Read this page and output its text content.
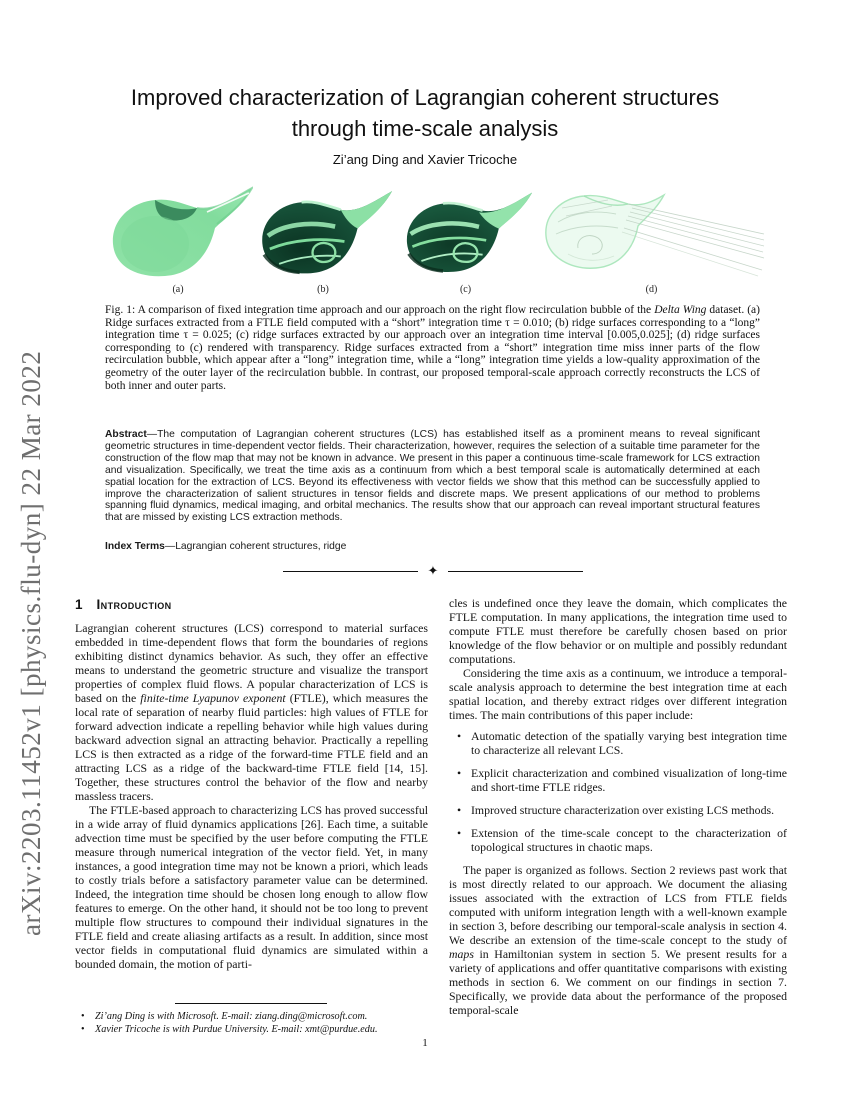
arXiv:2203.11452v1 [physics.flu-dyn] 22 Mar 2022
Improved characterization of Lagrangian coherent structures
through time-scale analysis
Zi’ang Ding and Xavier Tricoche
(a)	(b)	(c)	(d)
Fig. 1: A comparison of fixed integration time approach and our approach on the right flow recirculation bubble of the Delta Wing dataset. (a) Ridge surfaces extracted from a FTLE field computed with a “short” integration time τ = 0.010; (b) ridge surfaces corresponding to a “long” integration time τ = 0.025; (c) ridge surfaces extracted by our approach over an integration time interval [0.005,0.025]; (d) ridge surfaces corresponding to (c) rendered with transparency. Ridge surfaces extracted from a “short” integration time miss inner parts of the flow recirculation bubble, which appear after a “long” integration time, while a “long” integration time yields a low-quality approximation of the geometry of the outer layer of the recirculation bubble. In contrast, our proposed temporal-scale approach correctly reconstructs the LCS of both inner and outer parts.
Abstract—The computation of Lagrangian coherent structures (LCS) has established itself as a prominent means to reveal significant geometric structures in time-dependent vector fields. Their characterization, however, requires the selection of a suitable time parameter for the construction of the flow map that may not be known in advance. We present in this paper a continuous time-scale framework for LCS extraction and visualization. Specifically, we treat the time axis as a continuum from which a best temporal scale is automatically determined at each spatial location for the extraction of LCS. Beyond its effectiveness with vector fields we show that this method can be successfully applied to improve the characterization of salient structures in tensor fields and discrete maps. We present applications of our method to problems spanning fluid dynamics, medical imaging, and orbital mechanics. The results show that our approach can reveal important structural features that are missed by existing LCS extraction methods.
Index Terms—Lagrangian coherent structures, ridge
✦
1 Introduction

Lagrangian coherent structures (LCS) correspond to material surfaces embedded in time-dependent flows that form the boundaries of regions exhibiting distinct dynamics behavior. As such, they offer an effective means to understand the geometric structure and visualize the transport properties of complex fluid flows. A popular characterization of LCS is based on the finite-time Lyapunov exponent (FTLE), which measures the local rate of separation of nearby fluid particles: high values of FTLE for forward advection indicate a repelling behavior while high values during backward advection signal an attracting behavior. Practically a repelling LCS is then extracted as a ridge of the forward-time FTLE field and an attracting LCS as a ridge of the backward-time FTLE field [14, 15]. Together, these structures control the behavior of the flow and nearby massless tracers.

The FTLE-based approach to characterizing LCS has proved successful in a wide array of fluid dynamics applications [26]. Each time, a suitable advection time must be specified by the user before computing the FTLE measure through numerical integration of the vector field. Yet, in many instances, a good integration time may not be known a priori, which leads to costly trials before a satisfactory parameter value can be determined. Indeed, the integration time should be chosen long enough to allow flow features to emerge. On the other hand, it should not be too long to prevent multiple flow structures to compound their individual signatures in the FTLE field and create aliasing artifacts as a result. In addition, since most vector fields in computational fluid dynamics are simulated within a bounded domain, the motion of parti-

• Zi’ang Ding is with Microsoft. E-mail: ziang.ding@microsoft.com.
• Xavier Tricoche is with Purdue University. E-mail: xmt@purdue.edu.

cles is undefined once they leave the domain, which complicates the FTLE computation. In many applications, the integration time used to compute FTLE must therefore be carefully chosen based on prior knowledge of the flow behavior or on multiple and possibly redundant computations.

Considering the time axis as a continuum, we introduce a temporal-scale analysis approach to determine the best integration time at each spatial location, and thereby extract ridges over different integration times. The main contributions of this paper include:

• Automatic detection of the spatially varying best integration time to characterize all relevant LCS.
• Explicit characterization and combined visualization of long-time and short-time FTLE ridges.
• Improved structure characterization over existing LCS methods.
• Extension of the time-scale concept to the characterization of topological structures in chaotic maps.

The paper is organized as follows. Section 2 reviews past work that is most directly related to our approach. We document the aliasing issues associated with the extraction of LCS from FTLE fields computed with uniform integration length with a well-known example in section 3, before describing our temporal-scale analysis in section 4. We describe an extension of the time-scale concept to the study of maps in Hamiltonian system in section 5. We present results for a variety of applications and offer quantitative comparisons with existing methods in section 6. We comment on our findings in section 7. Specifically, we provide data about the performance of the proposed temporal-scale

1
